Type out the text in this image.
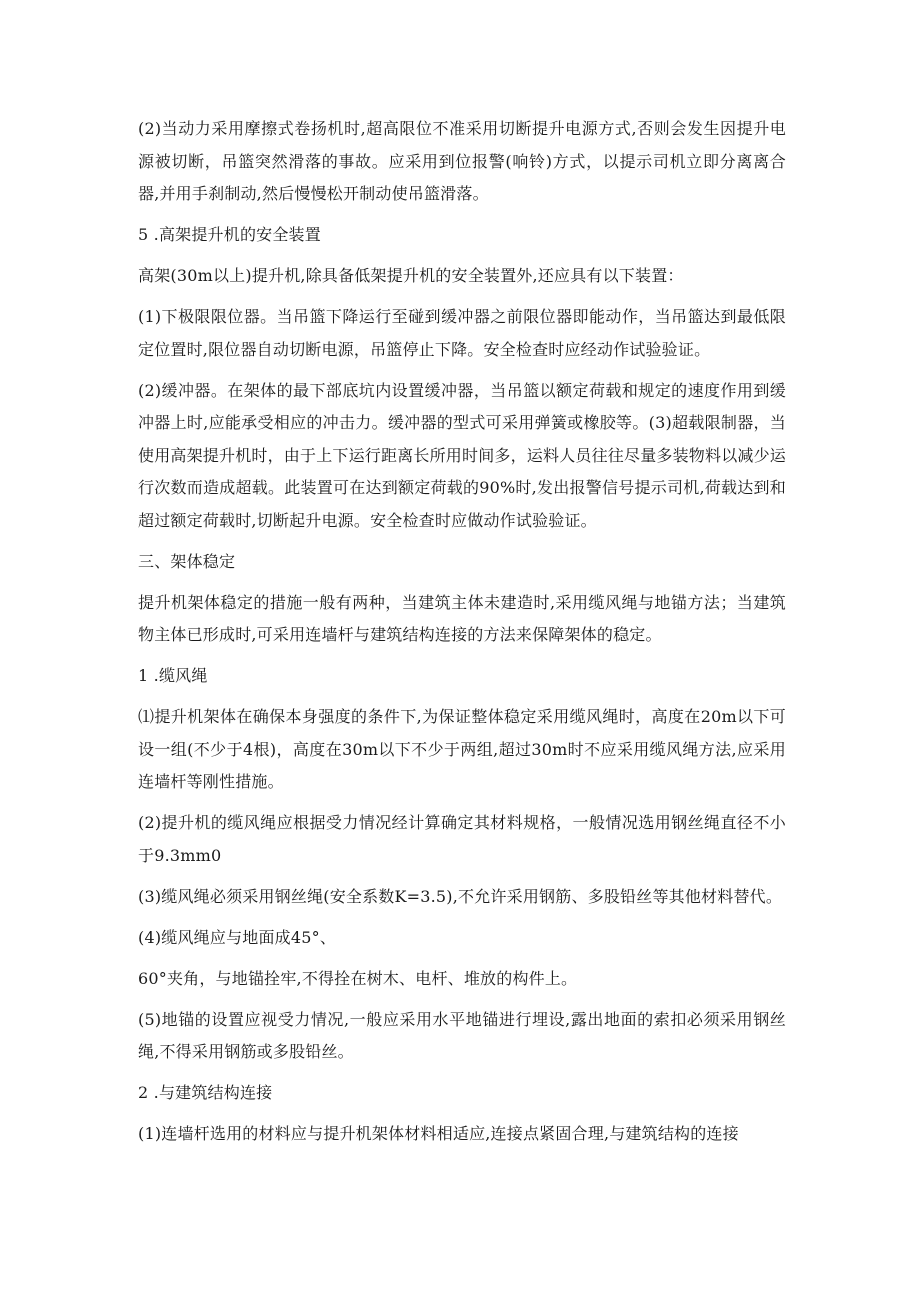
(2)当动力采用摩擦式卷扬机时,超高限位不准采用切断提升电源方式,否则会发生因提升电源被切断，吊篮突然滑落的事故。应采用到位报警(响铃)方式，以提示司机立即分离离合器,并用手刹制动,然后慢慢松开制动使吊篮滑落。

5 .高架提升机的安全装置

高架(30m以上)提升机,除具备低架提升机的安全装置外,还应具有以下装置：

(1)下极限限位器。当吊篮下降运行至碰到缓冲器之前限位器即能动作，当吊篮达到最低限定位置时,限位器自动切断电源，吊篮停止下降。安全检查时应经动作试验验证。

(2)缓冲器。在架体的最下部底坑内设置缓冲器，当吊篮以额定荷载和规定的速度作用到缓冲器上时,应能承受相应的冲击力。缓冲器的型式可采用弹簧或橡胶等。(3)超载限制器，当使用高架提升机时，由于上下运行距离长所用时间多，运料人员往往尽量多装物料以减少运行次数而造成超载。此装置可在达到额定荷载的90%时,发出报警信号提示司机,荷载达到和超过额定荷载时,切断起升电源。安全检查时应做动作试验验证。

三、架体稳定

提升机架体稳定的措施一般有两种，当建筑主体未建造时,采用缆风绳与地锚方法；当建筑物主体已形成时,可采用连墙杆与建筑结构连接的方法来保障架体的稳定。

1 .缆风绳

⑴提升机架体在确保本身强度的条件下,为保证整体稳定采用缆风绳时，高度在20m以下可设一组(不少于4根)，高度在30m以下不少于两组,超过30m时不应采用缆风绳方法,应采用连墙杆等刚性措施。

(2)提升机的缆风绳应根据受力情况经计算确定其材料规格，一般情况选用钢丝绳直径不小于9.3mm0

(3)缆风绳必须采用钢丝绳(安全系数K=3.5),不允许采用钢筋、多股铅丝等其他材料替代。

(4)缆风绳应与地面成45°、

60°夹角，与地锚拴牢,不得拴在树木、电杆、堆放的构件上。

(5)地锚的设置应视受力情况,一般应采用水平地锚进行埋设,露出地面的索扣必须采用钢丝绳,不得采用钢筋或多股铅丝。

2 .与建筑结构连接

(1)连墙杆选用的材料应与提升机架体材料相适应,连接点紧固合理,与建筑结构的连接
